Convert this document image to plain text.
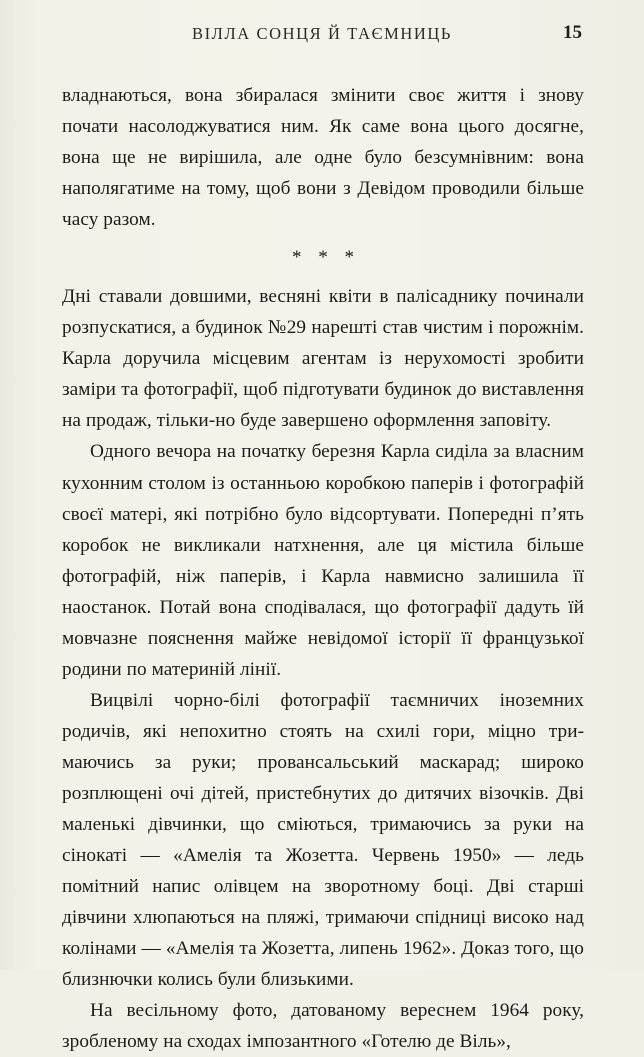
ВІЛЛА СОНЦЯ Й ТАЄМНИЦЬ	15

владнаються, вона збиралася змінити своє життя і знову почати насолоджуватися ним. Як саме вона цього досягне, вона ще не вирішила, але одне було безсумнівним: вона наполягатиме на тому, щоб вони з Девідом проводили більше часу разом.

* * *

Дні ставали довшими, весняні квіти в палісаднику починали розпускатися, а будинок №29 нарешті став чистим і порожнім. Карла доручила місцевим агентам із нерухомості зробити заміри та фотографії, щоб підготувати будинок до виставлення на продаж, тільки-но буде завершено оформлення заповіту.

Одного вечора на початку березня Карла сиділа за власним кухонним столом із останньою коробкою паперів і фотографій своєї матері, які потрібно було відсортувати. Попередні п’ять коробок не викликали натхнення, але ця містила більше фотографій, ніж паперів, і Карла навмисно залишила її наостанок. Потай вона сподівалася, що фотографії дадуть їй мовчазне пояснення майже невідомої історії її французької родини по материній лінії.

Вицвілі чорно-білі фотографії таємничих іноземних родичів, які непохитно стоять на схилі гори, міцно тримаючись за руки; провансальський маскарад; широко розплющені очі дітей, пристебнутих до дитячих візочків. Дві маленькі дівчинки, що сміються, тримаючись за руки на сінокаті — «Амелія та Жозетта. Червень 1950» — ледь помітний напис олівцем на зворотному боці. Дві старші дівчини хлюпаються на пляжі, тримаючи спідниці високо над колінами — «Амелія та Жозетта, липень 1962». Доказ того, що близнючки колись були близькими.

На весільному фото, датованому вереснем 1964 року, зробленому на сходах імпозантного «Готелю де Віль»,
